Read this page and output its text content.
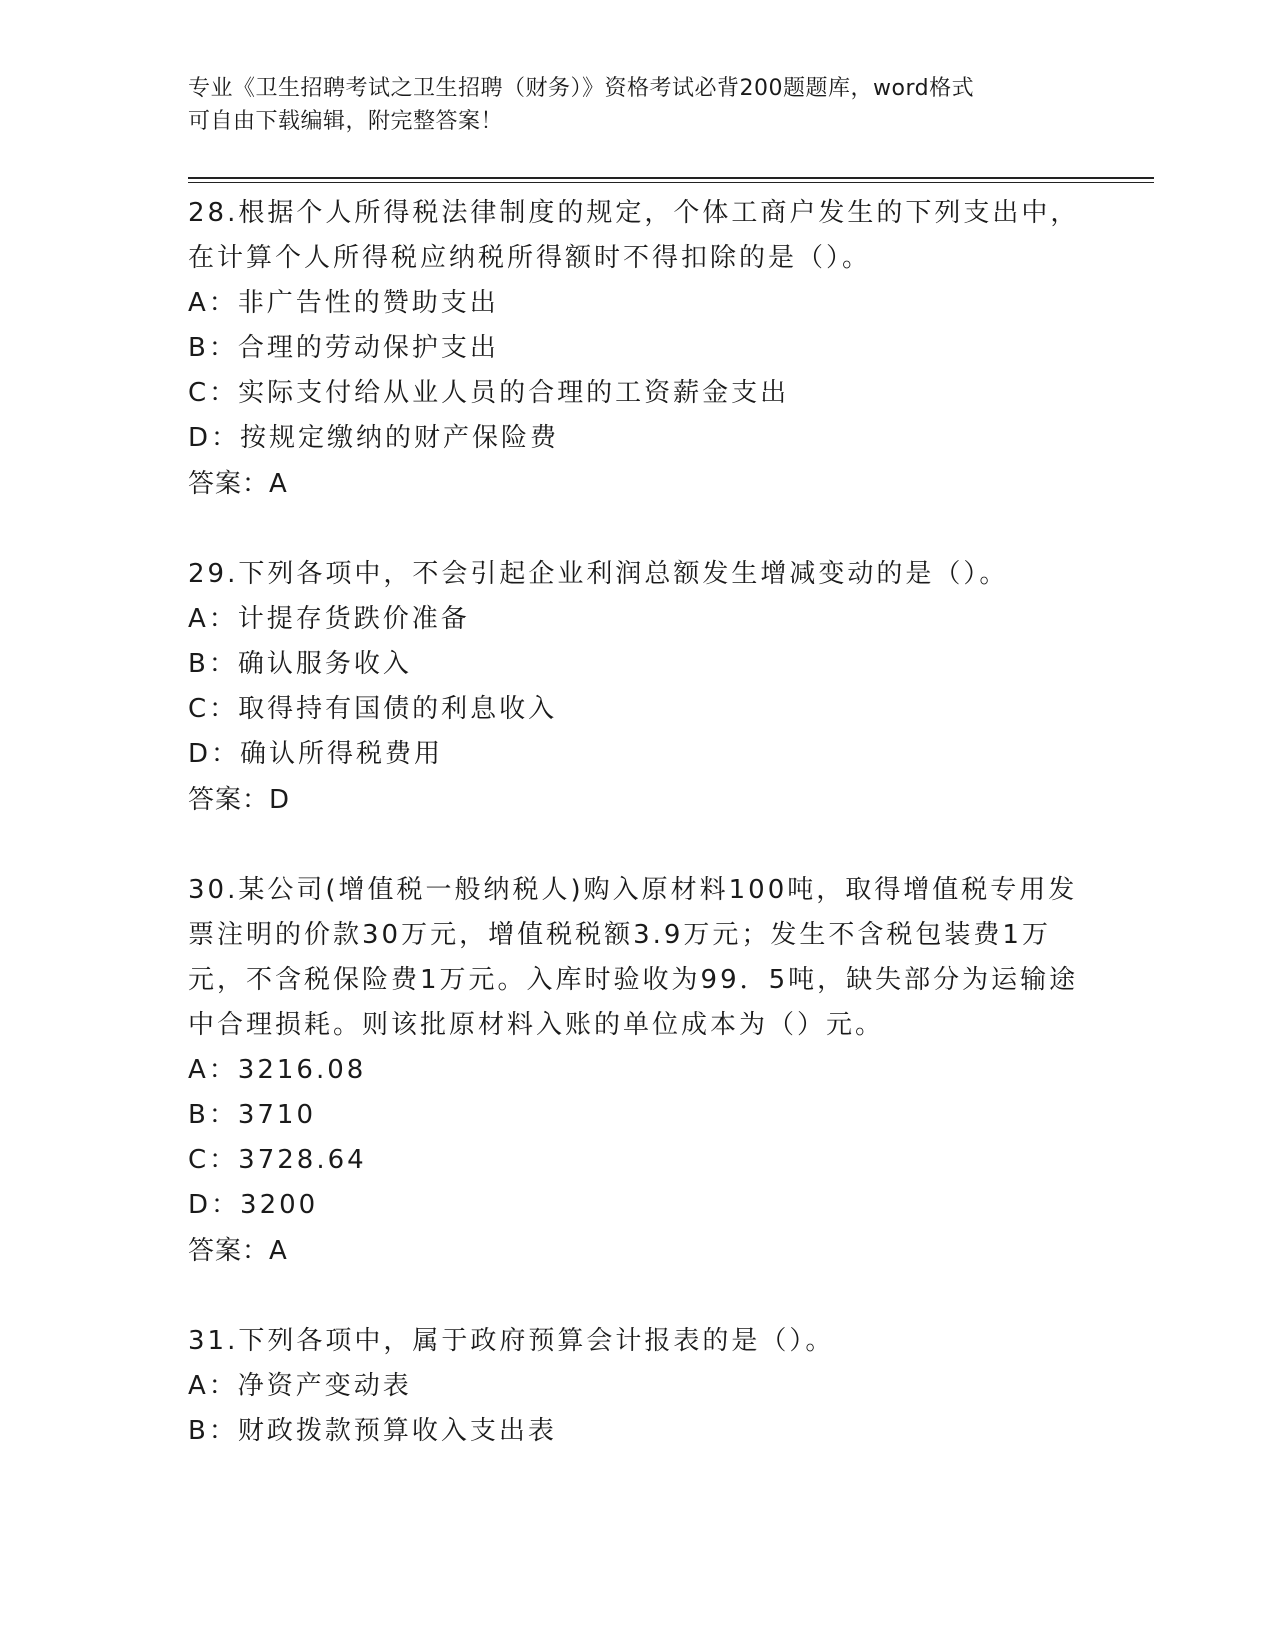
专业《卫生招聘考试之卫生招聘（财务）》资格考试必背200题题库，word格式
可自由下载编辑，附完整答案！

28.根据个人所得税法律制度的规定，个体工商户发生的下列支出中，在计算个人所得税应纳税所得额时不得扣除的是（）。

A：非广告性的赞助支出

B：合理的劳动保护支出

C：实际支付给从业人员的合理的工资薪金支出

D：按规定缴纳的财产保险费

答案：A

29.下列各项中，不会引起企业利润总额发生增减变动的是（）。

A：计提存货跌价准备

B：确认服务收入

C：取得持有国债的利息收入

D：确认所得税费用

答案：D

30.某公司(增值税一般纳税人)购入原材料100吨，取得增值税专用发票注明的价款30万元，增值税税额3.9万元；发生不含税包装费1万元，不含税保险费1万元。入库时验收为99．5吨，缺失部分为运输途中合理损耗。则该批原材料入账的单位成本为（）元。

A：3216.08

B：3710

C：3728.64

D：3200

答案：A

31.下列各项中，属于政府预算会计报表的是（）。

A：净资产变动表

B：财政拨款预算收入支出表
